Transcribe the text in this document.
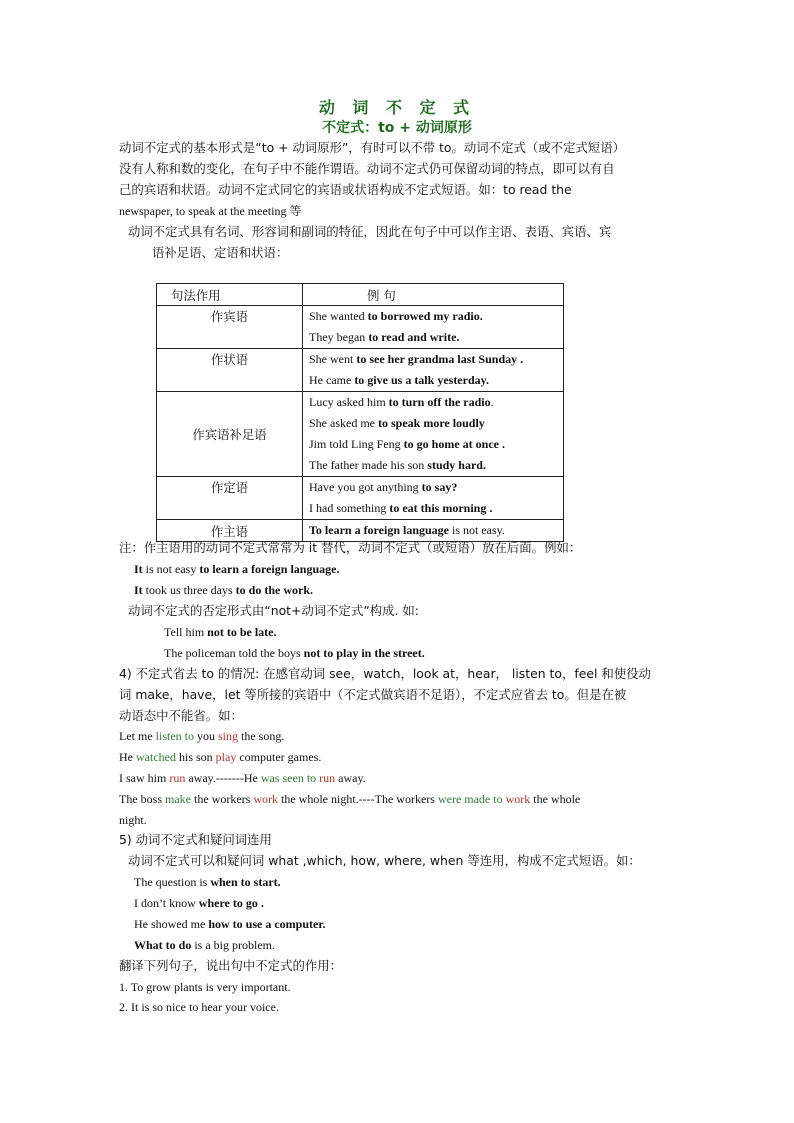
动 词 不 定 式
不定式：to + 动词原形
动词不定式的基本形式是“to + 动词原形”，有时可以不带 to。动词不定式（或不定式短语）
没有人称和数的变化，在句子中不能作谓语。动词不定式仍可保留动词的特点，即可以有自
己的宾语和状语。动词不定式同它的宾语或状语构成不定式短语。如：to read the
newspaper, to speak at the meeting 等
动词不定式具有名词、形容词和副词的特征，因此在句子中可以作主语、表语、宾语、宾
语补足语、定语和状语：
句法作用	例 句

作宾语	She wanted to borrowed my radio.
They began to read and write.

作状语	She went to see her grandma last Sunday .
He came to give us a talk yesterday.

作宾语补足语	Lucy asked him to turn off the radio.
She asked me to speak more loudly
Jim told Ling Feng to go home at once .
The father made his son study hard.

作定语	Have you got anything to say?
I had something to eat this morning .

作主语	To learn a foreign language is not easy.
注：作主语用的动词不定式常常为 it 替代，动词不定式（或短语）放在后面。例如：
It is not easy to learn a foreign language.
It took us three days to do the work.
动词不定式的否定形式由“not+动词不定式”构成. 如:
Tell him not to be late.
The policeman told the boys not to play in the street.
4) 不定式省去 to 的情况: 在感官动词 see，watch，look at，hear， listen to，feel 和使役动
词 make，have，let 等所接的宾语中（不定式做宾语不足语），不定式应省去 to。但是在被
动语态中不能省。如：
Let me listen to you sing the song.
He watched his son play computer games.
I saw him run away.-------He was seen to run away.
The boss make the workers work the whole night.----The workers were made to work the whole
night.
5) 动词不定式和疑问词连用
动词不定式可以和疑问词 what ,which, how, where, when 等连用，构成不定式短语。如：
The question is when to start.
I don’t know where to go .
He showed me how to use a computer.
What to do is a big problem.
翻译下列句子，说出句中不定式的作用：
1. To grow plants is very important.
2. It is so nice to hear your voice.
